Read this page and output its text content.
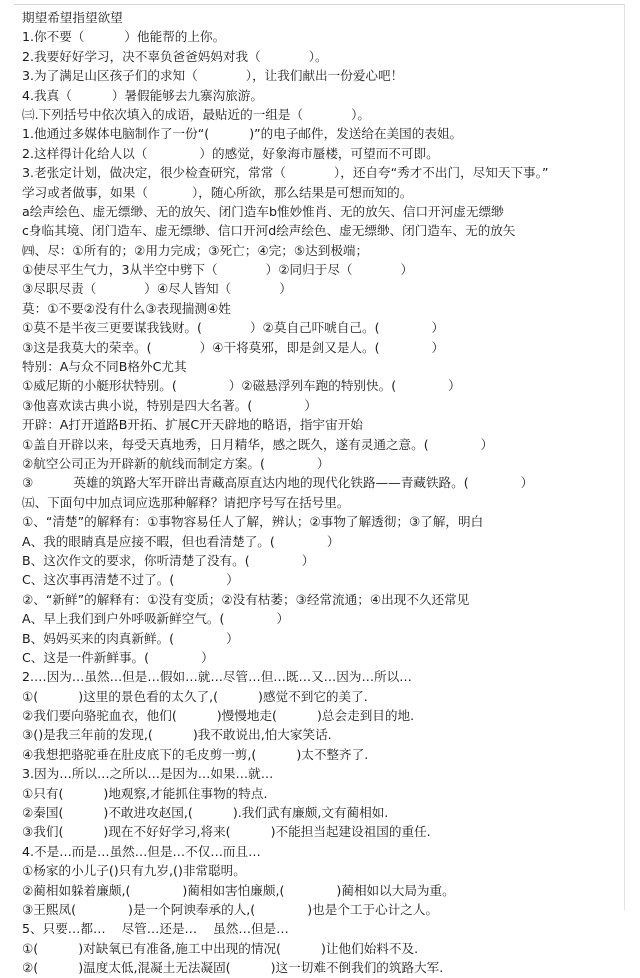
期望希望指望欲望
1.你不要（          ）他能帮的上你。
2.我要好好学习，决不辜负爸爸妈妈对我（            ）。
3.为了满足山区孩子们的求知（            ），让我们献出一份爱心吧！
4.我真（          ）暑假能够去九寨沟旅游。
㈢.下列括号中依次填入的成语，最贴近的一组是（            ）。
1.他通过多媒体电脑制作了一份“(          )”的电子邮件，发送给在美国的表姐。
2.这样得计化给人以（             ）的感觉，好象海市蜃楼，可望而不可即。
3.老张定计划，做决定，很少检查研究，常常（            ），还自夸“秀才不出门，尽知天下事。”
学习或者做事，如果（           ），随心所欲，那么结果是可想而知的。
a绘声绘色、虚无缥缈、无的放矢、闭门造车b惟妙惟肖、无的放矢、信口开河虚无缥缈
c身临其境、闭门造车、虚无缥缈、信口开河d绘声绘色、虚无缥缈、闭门造车、无的放矢
㈣、尽：①所有的；②用力完成；③死亡；④完；⑤达到极端；
①使尽平生气力，3从半空中劈下（            ）②同归于尽（            ）
③尽职尽责（            ）④尽人皆知（            ）
莫：①不要②没有什么③表现揣测④姓
①莫不是半夜三更要谋我钱财。(            ）②莫自己吓唬自己。(             ）
③这是我莫大的荣幸。(            ）④干将莫邪，即是剑又是人。(             ）
特别：A与众不同B格外C尤其
①威尼斯的小艇形状特别。(             ）②磁悬浮列车跑的特别快。(             ）
③他喜欢读古典小说，特别是四大名著。(             ）
开辟：A打开道路B开拓、扩展C开天辟地的略语，指宇宙开始
①盖自开辟以来，每受天真地秀，日月精华，感之既久，遂有灵通之意。(             ）
②航空公司正为开辟新的航线而制定方案。(             ）
③          英雄的筑路大军开辟出青藏高原直达内地的现代化铁路——青藏铁路。(             ）
㈤、下面句中加点词应选那种解释？请把序号写在括号里。
①、“清楚”的解释有：①事物容易任人了解，辨认；②事物了解透彻；③了解，明白
A、我的眼睛真是应接不暇，但也看清楚了。(             ）
B、这次作文的要求，你听清楚了没有。(             ）
C、这次事再清楚不过了。(             ）
②、“新鲜”的解释有：①没有变质；②没有枯萎；③经常流通；④出现不久还常见
A、早上我们到户外呼吸新鲜空气。(             ）
B、妈妈买来的肉真新鲜。(             ）
C、这是一件新鲜事。(             ）
2.…因为…虽然…但是…假如…就…尽管…但…既…又…因为…所以…
①(          )这里的景色看的太久了,(          )感觉不到它的美了.
②我们要向骆驼血衣，他们(          )慢慢地走(          )总会走到目的地.
③()是我三年前的发现,(          )我不敢说出,怕大家笑话.
④我想把骆驼垂在肚皮底下的毛皮剪一剪,(          )太不整齐了.
3.因为…所以…之所以…是因为…如果…就…
①只有(          )地观察,才能抓住事物的特点.
②秦国(          )不敢进攻赵国,(          ).我们武有廉颇,文有蔺相如.
③我们(          )现在不好好学习,将来(          )不能担当起建设祖国的重任.
4.不是…而是…虽然…但是…不仅…而且…
①杨家的小儿子()只有九岁,()非常聪明。
②蔺相如躲着廉颇,(             )蔺相如害怕廉颇,(             )蔺相如以大局为重。
③王熙凤(             )是一个阿谀奉承的人,(             )也是个工于心计之人。
5、只要…都…    尽管…还是…    虽然…但是…
①(          )对缺氧已有准备,施工中出现的情况(          )让他们始料不及.
②(          )温度太低,混凝土无法凝固(          )这一切难不倒我们的筑路大军.
